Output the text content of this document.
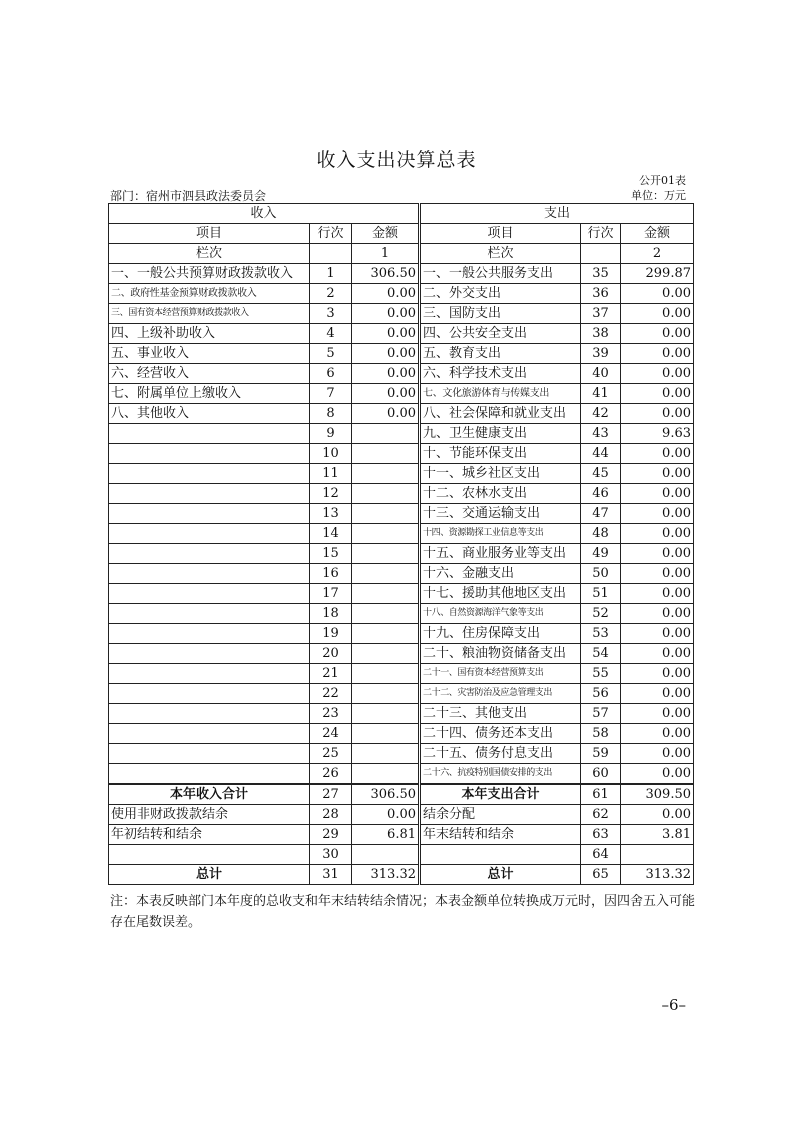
收入支出决算总表
公开01表
部门：宿州市泗县政法委员会	单位：万元
收入			支出		
项目	行次	金额	项目	行次	金额
栏次		1	栏次		2
一、一般公共预算财政拨款收入	1	306.50	一、一般公共服务支出	35	299.87
二、政府性基金预算财政拨款收入	2	0.00	二、外交支出	36	0.00
三、国有资本经营预算财政拨款收入	3	0.00	三、国防支出	37	0.00
四、上级补助收入	4	0.00	四、公共安全支出	38	0.00
五、事业收入	5	0.00	五、教育支出	39	0.00
六、经营收入	6	0.00	六、科学技术支出	40	0.00
七、附属单位上缴收入	7	0.00	七、文化旅游体育与传媒支出	41	0.00
八、其他收入	8	0.00	八、社会保障和就业支出	42	0.00
	9		九、卫生健康支出	43	9.63
	10		十、节能环保支出	44	0.00
	11		十一、城乡社区支出	45	0.00
	12		十二、农林水支出	46	0.00
	13		十三、交通运输支出	47	0.00
	14		十四、资源勘探工业信息等支出	48	0.00
	15		十五、商业服务业等支出	49	0.00
	16		十六、金融支出	50	0.00
	17		十七、援助其他地区支出	51	0.00
	18		十八、自然资源海洋气象等支出	52	0.00
	19		十九、住房保障支出	53	0.00
	20		二十、粮油物资储备支出	54	0.00
	21		二十一、国有资本经营预算支出	55	0.00
	22		二十二、灾害防治及应急管理支出	56	0.00
	23		二十三、其他支出	57	0.00
	24		二十四、债务还本支出	58	0.00
	25		二十五、债务付息支出	59	0.00
	26		二十六、抗疫特别国债安排的支出	60	0.00
本年收入合计	27	306.50	本年支出合计	61	309.50
使用非财政拨款结余	28	0.00	结余分配	62	0.00
年初结转和结余	29	6.81	年末结转和结余	63	3.81
	30			64	
总计	31	313.32	总计	65	313.32
注：本表反映部门本年度的总收支和年末结转结余情况；本表金额单位转换成万元时，因四舍五入可能存在尾数误差。
–6–
